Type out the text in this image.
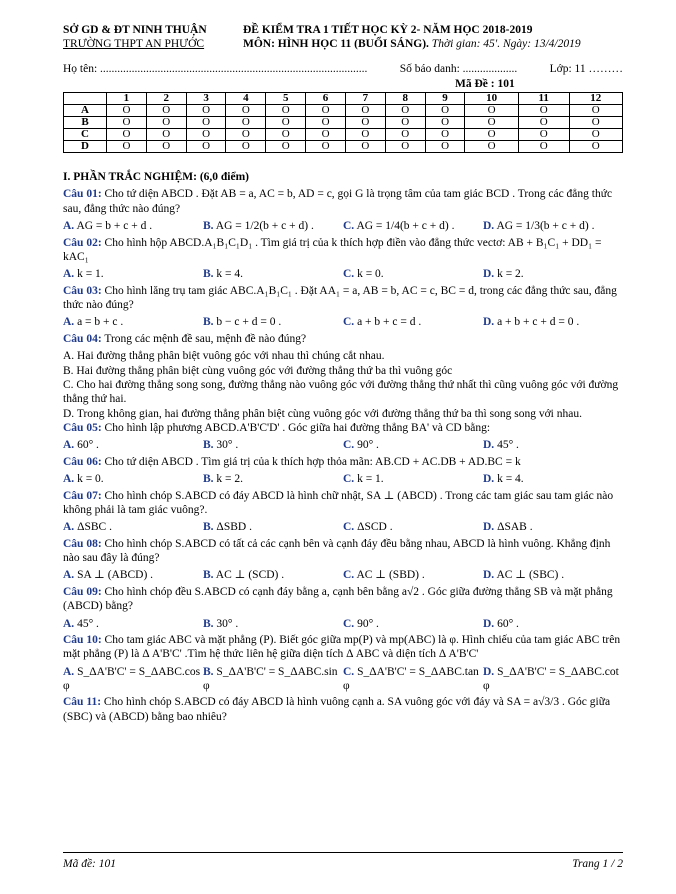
SỞ GD & ĐT NINH THUẬN	ĐỀ KIỂM TRA 1 TIẾT HỌC KỲ 2- NĂM HỌC 2018-2019
TRƯỜNG THPT AN PHƯỚC	MÔN: HÌNH HỌC 11 (BUỔI SÁNG). Thời gian: 45'. Ngày: 13/4/2019
Họ tên: .............................................................................................	Số báo danh: ...................	Lớp: 11 ………
Mã Đề : 101
	1	2	3	4	5	6	7	8	9	10	11	12
A	O	O	O	O	O	O	O	O	O	O	O	O
B	O	O	O	O	O	O	O	O	O	O	O	O
C	O	O	O	O	O	O	O	O	O	O	O	O
D	O	O	O	O	O	O	O	O	O	O	O	O
I. PHẦN TRẮC NGHIỆM: (6,0 điểm)
Câu 01: Cho tứ diện ABCD . Đặt AB = a, AC = b, AD = c, gọi G là trọng tâm của tam giác BCD . Trong các đẳng thức sau, đẳng thức nào đúng?
A. AG = b + c + d .	B. AG = 1/2(b + c + d) .	C. AG = 1/4(b + c + d) .	D. AG = 1/3(b + c + d) .
Câu 02: Cho hình hộp ABCD.A₁B₁C₁D₁ . Tìm giá trị của k thích hợp điền vào đẳng thức vectơ: AB + B₁C₁ + DD₁ = kAC₁
A. k = 1.	B. k = 4.	C. k = 0.	D. k = 2.
Câu 03: Cho hình lăng trụ tam giác ABC.A₁B₁C₁ . Đặt AA₁ = a, AB = b, AC = c, BC = d, trong các đẳng thức sau, đẳng thức nào đúng?
A. a = b + c .	B. b − c + d = 0 .	C. a + b + c = d .	D. a + b + c + d = 0 .
Câu 04: Trong các mệnh đề sau, mệnh đề nào đúng?
A. Hai đường thẳng phân biệt vuông góc với nhau thì chúng cắt nhau.
B. Hai đường thẳng phân biệt cùng vuông góc với đường thẳng thứ ba thì vuông góc
C. Cho hai đường thẳng song song, đường thẳng nào vuông góc với đường thẳng thứ nhất thì cũng vuông góc với đường thẳng thứ hai.
D. Trong không gian, hai đường thẳng phân biệt cùng vuông góc với đường thẳng thứ ba thì song song với nhau.
Câu 05: Cho hình lập phương ABCD.A'B'C'D' . Góc giữa hai đường thẳng BA' và CD bằng:
A. 60° .	B. 30° .	C. 90° .	D. 45° .
Câu 06: Cho tứ diện ABCD . Tìm giá trị của k thích hợp thỏa mãn: AB.CD + AC.DB + AD.BC = k
A. k = 0.	B. k = 2.	C. k = 1.	D. k = 4.
Câu 07: Cho hình chóp S.ABCD có đáy ABCD là hình chữ nhật, SA ⊥ (ABCD) . Trong các tam giác sau tam giác nào không phải là tam giác vuông?.
A. ΔSBC .	B. ΔSBD .	C. ΔSCD .	D. ΔSAB .
Câu 08: Cho hình chóp S.ABCD có tất cả các cạnh bên và cạnh đáy đều bằng nhau, ABCD là hình vuông. Khẳng định nào sau đây là đúng?
A. SA ⊥ (ABCD) .	B. AC ⊥ (SCD) .	C. AC ⊥ (SBD) .	D. AC ⊥ (SBC) .
Câu 09: Cho hình chóp đều S.ABCD có cạnh đáy bằng a, cạnh bên bằng a√2 . Góc giữa đường thẳng SB và mặt phẳng (ABCD) bằng?
A. 45° .	B. 30° .	C. 90° .	D. 60° .
Câu 10: Cho tam giác ABC và mặt phẳng (P). Biết góc giữa mp(P) và mp(ABC) là φ. Hình chiếu của tam giác ABC trên mặt phẳng (P) là Δ A'B'C' .Tìm hệ thức liên hệ giữa diện tích Δ ABC và diện tích Δ A'B'C'
A. S_ΔA'B'C' = S_ΔABC.cos φ
B. S_ΔA'B'C' = S_ΔABC.sin φ
C. S_ΔA'B'C' = S_ΔABC.tan φ
D. S_ΔA'B'C' = S_ΔABC.cot φ
Câu 11: Cho hình chóp S.ABCD có đáy ABCD là hình vuông cạnh a. SA vuông góc với đáy và SA = a√3/3 . Góc giữa (SBC) và (ABCD) bằng bao nhiêu?
Mã đề: 101	Trang 1 / 2
